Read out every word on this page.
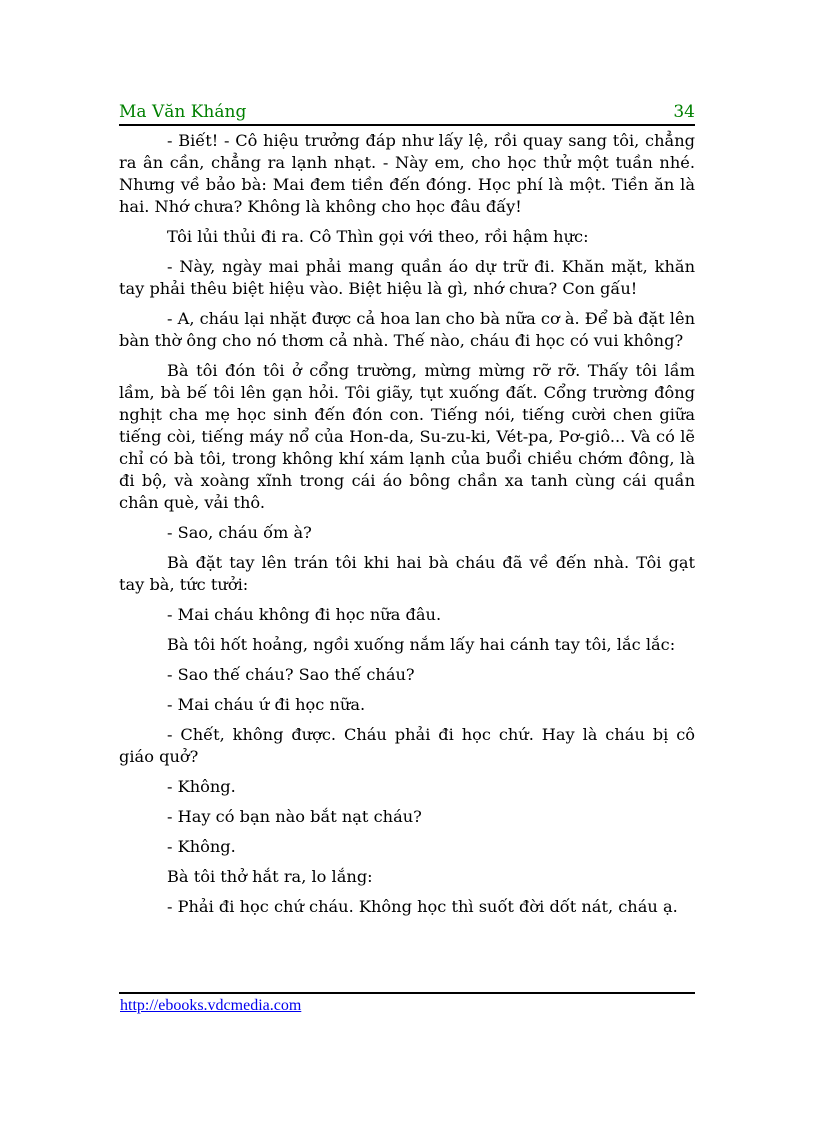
Ma Văn Kháng	34

- Biết! - Cô hiệu trưởng đáp như lấy lệ, rồi quay sang tôi, chẳng ra ân cần, chẳng ra lạnh nhạt. - Này em, cho học thử một tuần nhé. Nhưng về bảo bà: Mai đem tiền đến đóng. Học phí là một. Tiền ăn là hai. Nhớ chưa? Không là không cho học đâu đấy!

Tôi lủi thủi đi ra. Cô Thìn gọi với theo, rồi hậm hực:

- Này, ngày mai phải mang quần áo dự trữ đi. Khăn mặt, khăn tay phải thêu biệt hiệu vào. Biệt hiệu là gì, nhớ chưa? Con gấu!

- A, cháu lại nhặt được cả hoa lan cho bà nữa cơ à. Để bà đặt lên bàn thờ ông cho nó thơm cả nhà. Thế nào, cháu đi học có vui không?

Bà tôi đón tôi ở cổng trường, mừng mừng rỡ rỡ. Thấy tôi lầm lầm, bà bế tôi lên gạn hỏi. Tôi giãy, tụt xuống đất. Cổng trường đông nghịt cha mẹ học sinh đến đón con. Tiếng nói, tiếng cười chen giữa tiếng còi, tiếng máy nổ của Hon-da, Su-zu-ki, Vét-pa, Pơ-giô... Và có lẽ chỉ có bà tôi, trong không khí xám lạnh của buổi chiều chớm đông, là đi bộ, và xoàng xĩnh trong cái áo bông chần xa tanh cùng cái quần chân què, vải thô.

- Sao, cháu ốm à?

Bà đặt tay lên trán tôi khi hai bà cháu đã về đến nhà. Tôi gạt tay bà, tức tưởi:

- Mai cháu không đi học nữa đâu.

Bà tôi hốt hoảng, ngồi xuống nắm lấy hai cánh tay tôi, lắc lắc:

- Sao thế cháu? Sao thế cháu?

- Mai cháu ứ đi học nữa.

- Chết, không được. Cháu phải đi học chứ. Hay là cháu bị cô giáo quở?

- Không.

- Hay có bạn nào bắt nạt cháu?

- Không.

Bà tôi thở hắt ra, lo lắng:

- Phải đi học chứ cháu. Không học thì suốt đời dốt nát, cháu ạ.

http://ebooks.vdcmedia.com
